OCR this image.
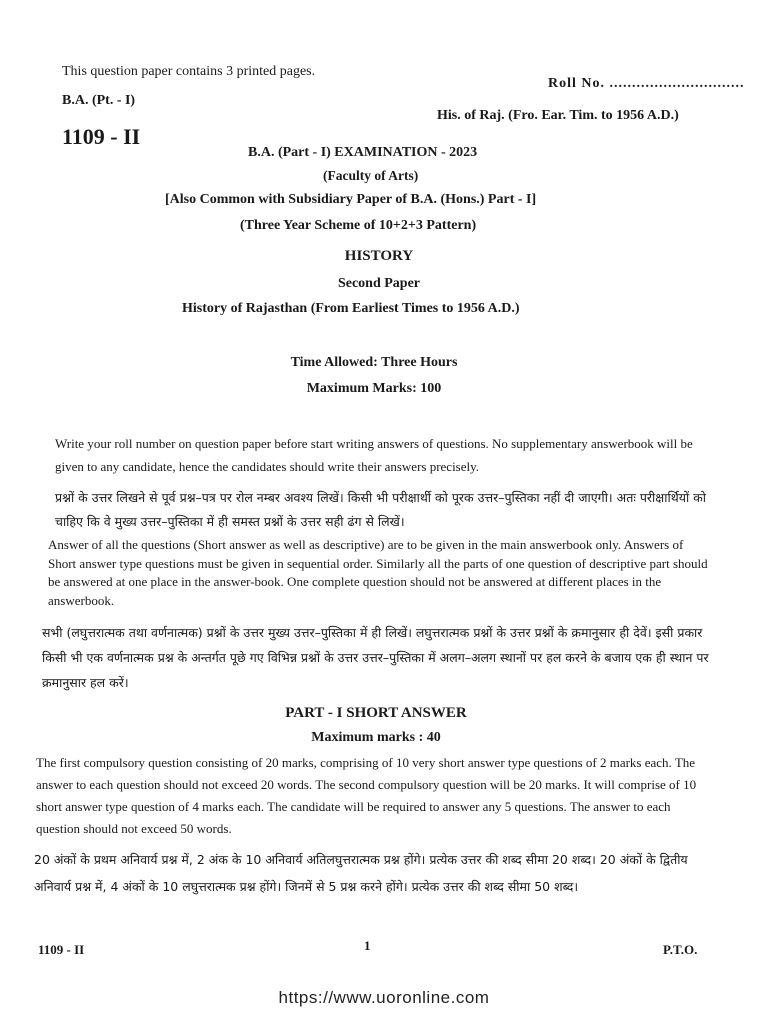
This question paper contains 3 printed pages.
Roll No. ..............................
B.A. (Pt. - I)
His. of Raj. (Fro. Ear. Tim. to 1956 A.D.)
1109 - II
B.A. (Part - I) EXAMINATION - 2023
(Faculty of Arts)
[Also Common with Subsidiary Paper of B.A. (Hons.) Part - I]
(Three Year Scheme of 10+2+3 Pattern)
HISTORY
Second Paper
History of Rajasthan (From Earliest Times to 1956 A.D.)
Time Allowed: Three Hours
Maximum Marks: 100
Write your roll number on question paper before start writing answers of questions. No supplementary answerbook will be given to any candidate, hence the candidates should write their answers precisely.
प्रश्नों के उत्तर लिखने से पूर्व प्रश्न–पत्र पर रोल नम्बर अवश्य लिखें। किसी भी परीक्षार्थी को पूरक उत्तर–पुस्तिका नहीं दी जाएगी। अतः परीक्षार्थियों को चाहिए कि वे मुख्य उत्तर–पुस्तिका में ही समस्त प्रश्नों के उत्तर सही ढंग से लिखें।
Answer of all the questions (Short answer as well as descriptive) are to be given in the main answerbook only. Answers of Short answer type questions must be given in sequential order. Similarly all the parts of one question of descriptive part should be answered at one place in the answer-book. One complete question should not be answered at different places in the answerbook.
सभी (लघुत्तरात्मक तथा वर्णनात्मक) प्रश्नों के उत्तर मुख्य उत्तर–पुस्तिका में ही लिखें। लघुत्तरात्मक प्रश्नों के उत्तर प्रश्नों के क्रमानुसार ही देवें। इसी प्रकार किसी भी एक वर्णनात्मक प्रश्न के अन्तर्गत पूछे गए विभिन्न प्रश्नों के उत्तर उत्तर–पुस्तिका में अलग–अलग स्थानों पर हल करने के बजाय एक ही स्थान पर क्रमानुसार हल करें।
PART - I SHORT ANSWER
Maximum marks : 40
The first compulsory question consisting of 20 marks, comprising of 10 very short answer type questions of 2 marks each. The answer to each question should not exceed 20 words. The second compulsory question will be 20 marks. It will comprise of 10 short answer type question of 4 marks each. The candidate will be required to answer any 5 questions. The answer to each question should not exceed 50 words.
20 अंकों के प्रथम अनिवार्य प्रश्न में, 2 अंक के 10 अनिवार्य अतिलघुत्तरात्मक प्रश्न होंगे। प्रत्येक उत्तर की शब्द सीमा 20 शब्द। 20 अंकों के द्वितीय अनिवार्य प्रश्न में, 4 अंकों के 10 लघुत्तरात्मक प्रश्न होंगे। जिनमें से 5 प्रश्न करने होंगे। प्रत्येक उत्तर की शब्द सीमा 50 शब्द।
1109 - II	1	P.T.O.
https://www.uoronline.com
